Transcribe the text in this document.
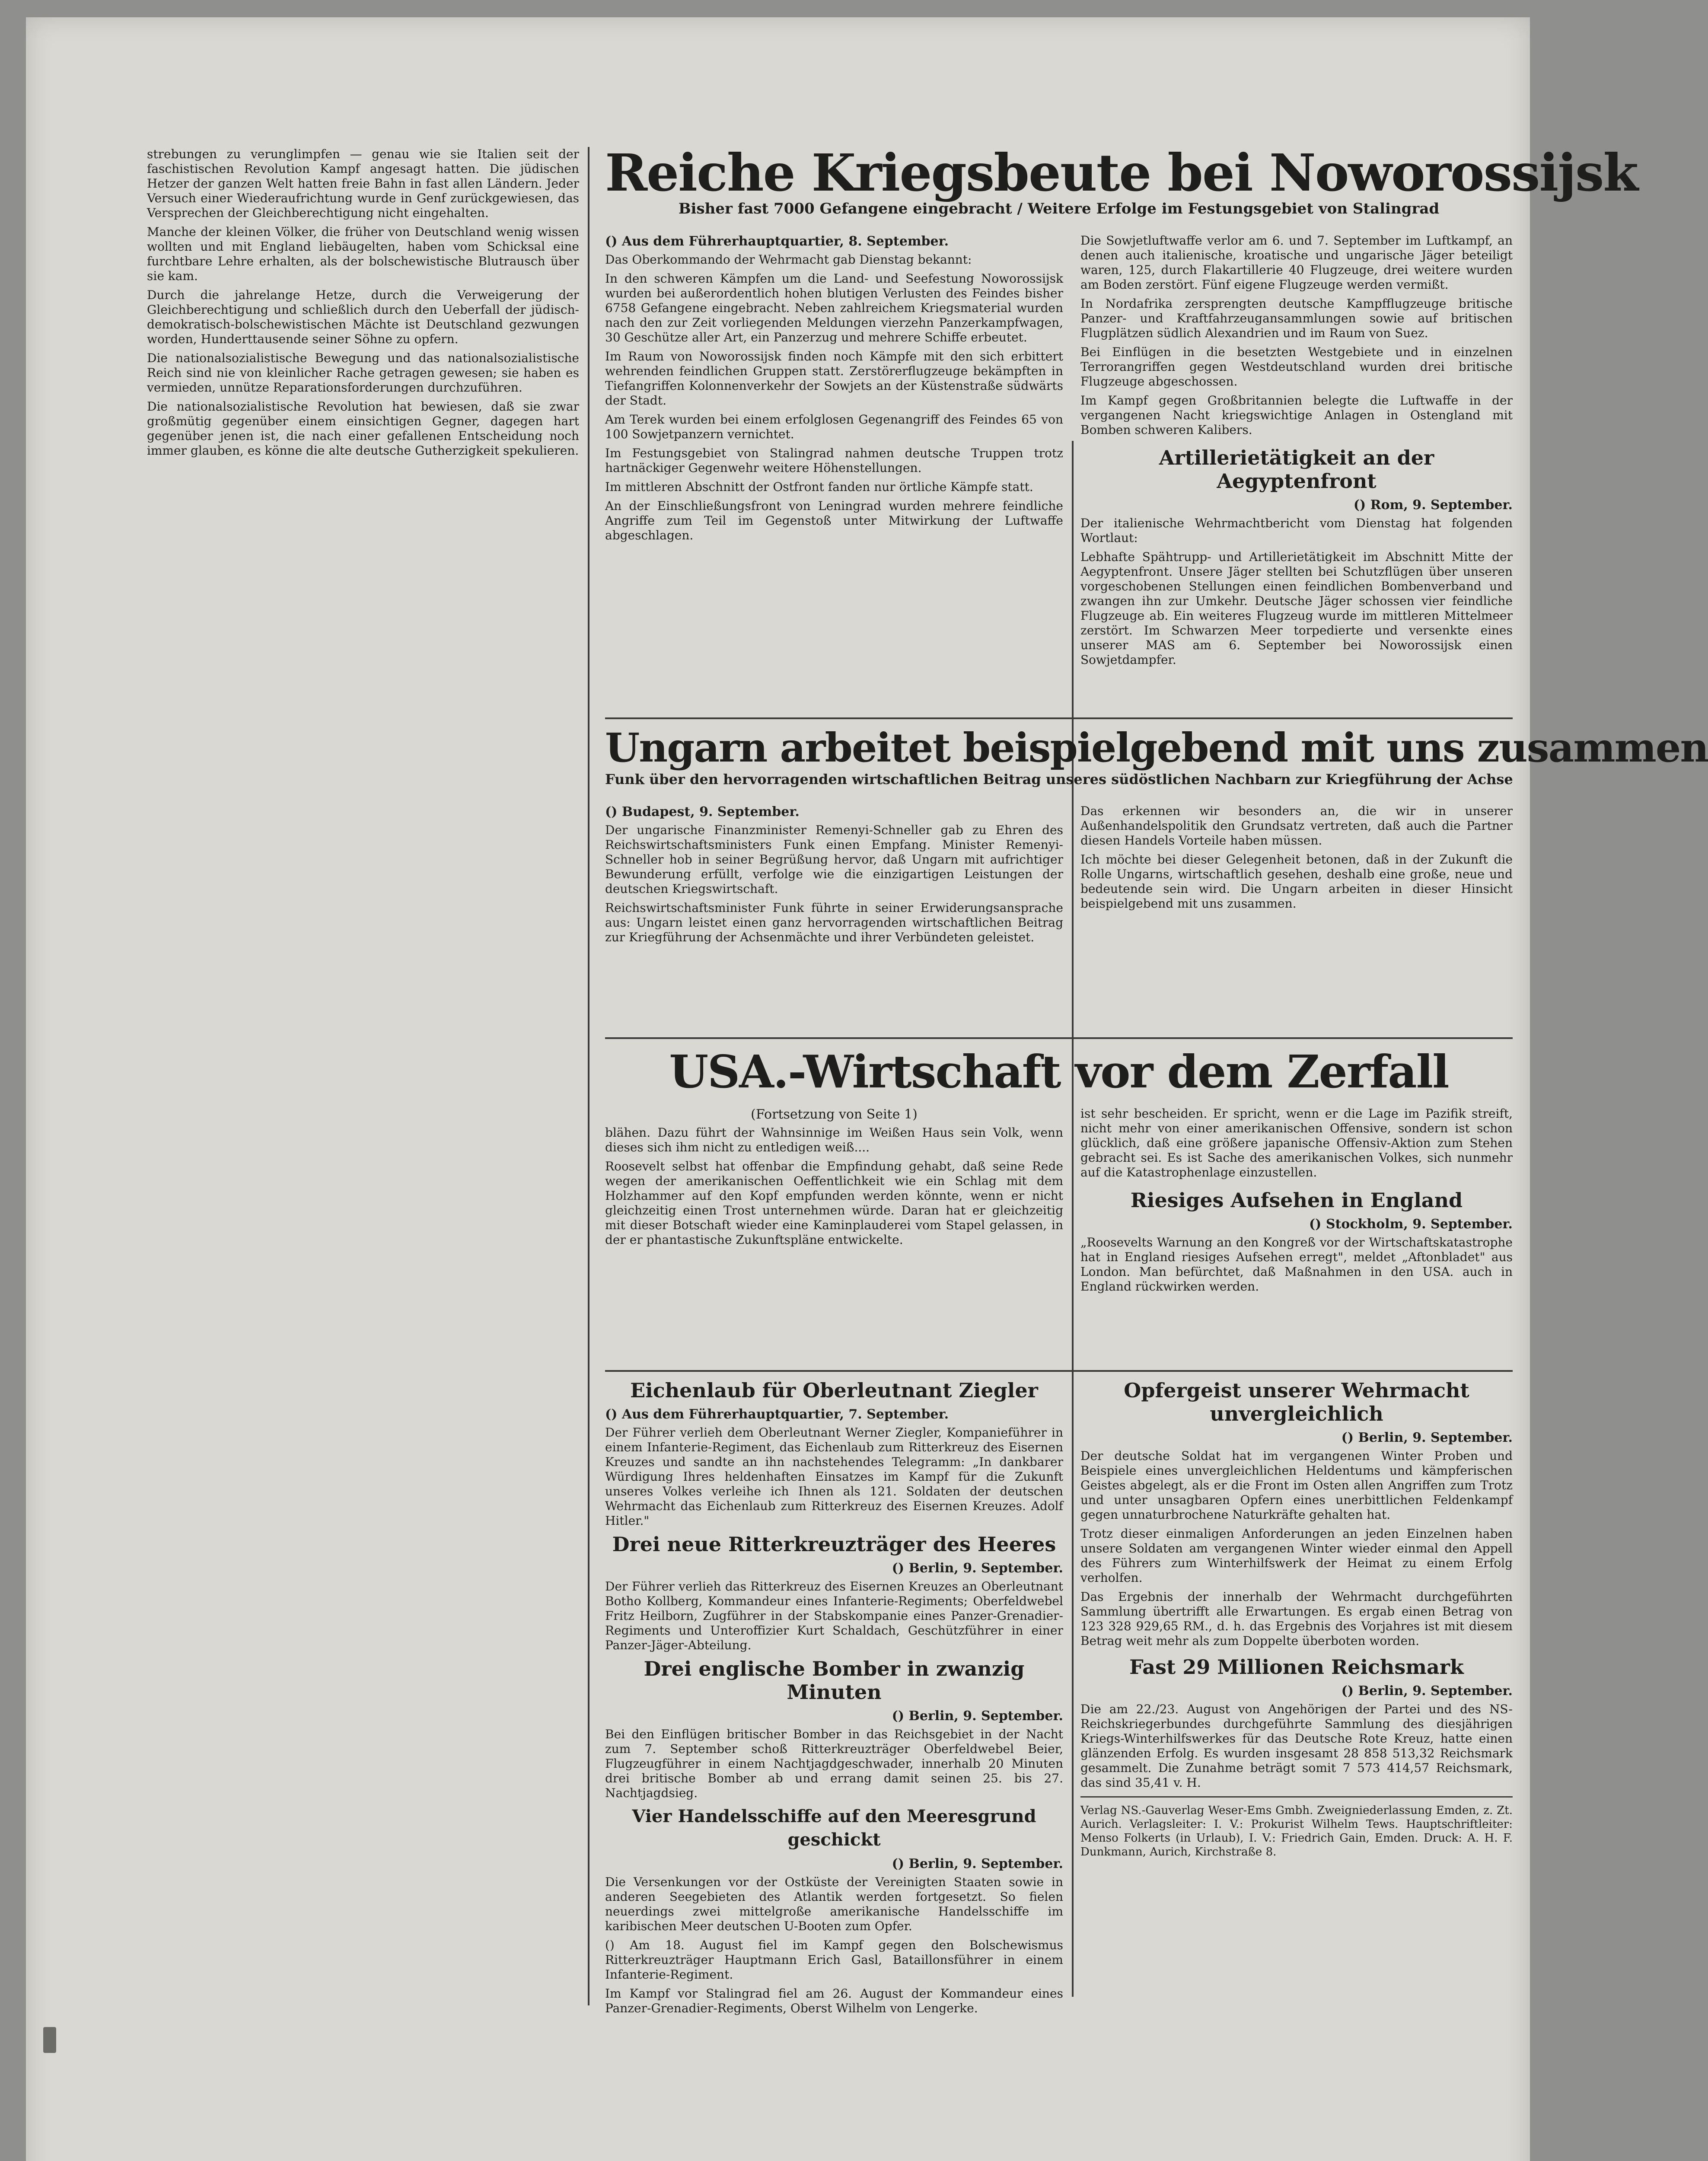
strebungen zu verunglimpfen — genau wie sie Italien seit der faschistischen Revolution Kampf angesagt hatten. Die jüdischen Hetzer der ganzen Welt hatten freie Bahn in fast allen Ländern. Jeder Versuch einer Wiederaufrichtung wurde in Genf zurückgewiesen, das Versprechen der Gleichberechtigung nicht eingehalten.

Manche der kleinen Völker, die früher von Deutschland wenig wissen wollten und mit England liebäugelten, haben vom Schicksal eine furchtbare Lehre erhalten, als der bolschewistische Blutrausch über sie kam.

Durch die jahrelange Hetze, durch die Verweigerung der Gleichberechtigung und schließlich durch den Ueberfall der jüdisch-demokratisch-bolschewistischen Mächte ist Deutschland gezwungen worden, Hunderttausende seiner Söhne zu opfern.

Die nationalsozialistische Bewegung und das nationalsozialistische Reich sind nie von kleinlicher Rache getragen gewesen; sie haben es vermieden, unnütze Reparationsforderungen durchzuführen.

Die nationalsozialistische Revolution hat bewiesen, daß sie zwar großmütig gegenüber einem einsichtigen Gegner, dagegen hart gegenüber jenen ist, die nach einer gefallenen Entscheidung noch immer glauben, es könne die alte deutsche Gutherzigkeit spekulieren.

Reiche Kriegsbeute bei Noworossijsk
Bisher fast 7000 Gefangene eingebracht / Weitere Erfolge im Festungsgebiet von Stalingrad
() Aus dem Führerhauptquartier, 8. September.

Das Oberkommando der Wehrmacht gab Dienstag bekannt:

In den schweren Kämpfen um die Land- und Seefestung Noworossijsk wurden bei außerordentlich hohen blutigen Verlusten des Feindes bisher 6758 Gefangene eingebracht. Neben zahlreichem Kriegsmaterial wurden nach den zur Zeit vorliegenden Meldungen vierzehn Panzerkampfwagen, 30 Geschütze aller Art, ein Panzerzug und mehrere Schiffe erbeutet.

Im Raum von Noworossijsk finden noch Kämpfe mit den sich erbittert wehrenden feindlichen Gruppen statt. Zerstörerflugzeuge bekämpften in Tiefangriffen Kolonnenverkehr der Sowjets an der Küstenstraße südwärts der Stadt.

Am Terek wurden bei einem erfolglosen Gegenangriff des Feindes 65 von 100 Sowjetpanzern vernichtet.

Im Festungsgebiet von Stalingrad nahmen deutsche Truppen trotz hartnäckiger Gegenwehr weitere Höhenstellungen.

Im mittleren Abschnitt der Ostfront fanden nur örtliche Kämpfe statt.

An der Einschließungsfront von Leningrad wurden mehrere feindliche Angriffe zum Teil im Gegenstoß unter Mitwirkung der Luftwaffe abgeschlagen.

Die Sowjetluftwaffe verlor am 6. und 7. September im Luftkampf, an denen auch italienische, kroatische und ungarische Jäger beteiligt waren, 125, durch Flakartillerie 40 Flugzeuge, drei weitere wurden am Boden zerstört. Fünf eigene Flugzeuge werden vermißt.

In Nordafrika zersprengten deutsche Kampfflugzeuge britische Panzer- und Kraftfahrzeugansammlungen sowie auf britischen Flugplätzen südlich Alexandrien und im Raum von Suez.

Bei Einflügen in die besetzten Westgebiete und in einzelnen Terrorangriffen gegen Westdeutschland wurden drei britische Flugzeuge abgeschossen.

Im Kampf gegen Großbritannien belegte die Luftwaffe in der vergangenen Nacht kriegswichtige Anlagen in Ostengland mit Bomben schweren Kalibers.

Artillerietätigkeit an der Aegyptenfront
() Rom, 9. September.

Der italienische Wehrmachtbericht vom Dienstag hat folgenden Wortlaut:

Lebhafte Spähtrupp- und Artillerietätigkeit im Abschnitt Mitte der Aegyptenfront. Unsere Jäger stellten bei Schutzflügen über unseren vorgeschobenen Stellungen einen feindlichen Bombenverband und zwangen ihn zur Umkehr. Deutsche Jäger schossen vier feindliche Flugzeuge ab. Ein weiteres Flugzeug wurde im mittleren Mittelmeer zerstört. Im Schwarzen Meer torpedierte und versenkte eines unserer MAS am 6. September bei Noworossijsk einen Sowjetdampfer.

Ungarn arbeitet beispielgebend mit uns zusammen
Funk über den hervorragenden wirtschaftlichen Beitrag unseres südöstlichen Nachbarn zur Kriegführung der Achse
() Budapest, 9. September.

Der ungarische Finanzminister Remenyi-Schneller gab zu Ehren des Reichswirtschaftsministers Funk einen Empfang. Minister Remenyi-Schneller hob in seiner Begrüßung hervor, daß Ungarn mit aufrichtiger Bewunderung erfüllt, verfolge wie die einzigartigen Leistungen der deutschen Kriegswirtschaft.

Reichswirtschaftsminister Funk führte in seiner Erwiderungsansprache aus: Ungarn leistet einen ganz hervorragenden wirtschaftlichen Beitrag zur Kriegführung der Achsenmächte und ihrer Verbündeten geleistet.

Das erkennen wir besonders an, die wir in unserer Außenhandelspolitik den Grundsatz vertreten, daß auch die Partner diesen Handels Vorteile haben müssen.

Ich möchte bei dieser Gelegenheit betonen, daß in der Zukunft die Rolle Ungarns, wirtschaftlich gesehen, deshalb eine große, neue und bedeutende sein wird. Die Ungarn arbeiten in dieser Hinsicht beispielgebend mit uns zusammen.

USA.-Wirtschaft vor dem Zerfall
(Fortsetzung von Seite 1)

blähen. Dazu führt der Wahnsinnige im Weißen Haus sein Volk, wenn dieses sich ihm nicht zu entledigen weiß....

Roosevelt selbst hat offenbar die Empfindung gehabt, daß seine Rede wegen der amerikanischen Oeffentlichkeit wie ein Schlag mit dem Holzhammer auf den Kopf empfunden werden könnte, wenn er nicht gleichzeitig einen Trost unternehmen würde. Daran hat er gleichzeitig mit dieser Botschaft wieder eine Kaminplauderei vom Stapel gelassen, in der er phantastische Zukunftspläne entwickelte.

ist sehr bescheiden. Er spricht, wenn er die Lage im Pazifik streift, nicht mehr von einer amerikanischen Offensive, sondern ist schon glücklich, daß eine größere japanische Offensiv-Aktion zum Stehen gebracht sei. Es ist Sache des amerikanischen Volkes, sich nunmehr auf die Katastrophenlage einzustellen.

Riesiges Aufsehen in England
() Stockholm, 9. September.

„Roosevelts Warnung an den Kongreß vor der Wirtschaftskatastrophe hat in England riesiges Aufsehen erregt", meldet „Aftonbladet" aus London. Man befürchtet, daß Maßnahmen in den USA. auch in England rückwirken werden.

Eichenlaub für Oberleutnant Ziegler
() Aus dem Führerhauptquartier, 7. September.

Der Führer verlieh dem Oberleutnant Werner Ziegler, Kompanieführer in einem Infanterie-Regiment, das Eichenlaub zum Ritterkreuz des Eisernen Kreuzes und sandte an ihn nachstehendes Telegramm: „In dankbarer Würdigung Ihres heldenhaften Einsatzes im Kampf für die Zukunft unseres Volkes verleihe ich Ihnen als 121. Soldaten der deutschen Wehrmacht das Eichenlaub zum Ritterkreuz des Eisernen Kreuzes. Adolf Hitler."

Drei neue Ritterkreuzträger des Heeres
() Berlin, 9. September.

Der Führer verlieh das Ritterkreuz des Eisernen Kreuzes an Oberleutnant Botho Kollberg, Kommandeur eines Infanterie-Regiments; Oberfeldwebel Fritz Heilborn, Zugführer in der Stabskompanie eines Panzer-Grenadier-Regiments und Unteroffizier Kurt Schaldach, Geschützführer in einer Panzer-Jäger-Abteilung.

Drei englische Bomber in zwanzig Minuten
() Berlin, 9. September.

Bei den Einflügen britischer Bomber in das Reichsgebiet in der Nacht zum 7. September schoß Ritterkreuzträger Oberfeldwebel Beier, Flugzeugführer in einem Nachtjagdgeschwader, innerhalb 20 Minuten drei britische Bomber ab und errang damit seinen 25. bis 27. Nachtjagdsieg.

Vier Handelsschiffe auf den Meeresgrund geschickt
() Berlin, 9. September.

Die Versenkungen vor der Ostküste der Vereinigten Staaten sowie in anderen Seegebieten des Atlantik werden fortgesetzt. So fielen neuerdings zwei mittelgroße amerikanische Handelsschiffe im karibischen Meer deutschen U-Booten zum Opfer.

() Am 18. August fiel im Kampf gegen den Bolschewismus Ritterkreuzträger Hauptmann Erich Gasl, Bataillonsführer in einem Infanterie-Regiment.

Im Kampf vor Stalingrad fiel am 26. August der Kommandeur eines Panzer-Grenadier-Regiments, Oberst Wilhelm von Lengerke.

Opfergeist unserer Wehrmacht unvergleichlich
() Berlin, 9. September.

Der deutsche Soldat hat im vergangenen Winter Proben und Beispiele eines unvergleichlichen Heldentums und kämpferischen Geistes abgelegt, als er die Front im Osten allen Angriffen zum Trotz und unter unsagbaren Opfern eines unerbittlichen Feldenkampf gegen unnaturbrochene Naturkräfte gehalten hat.

Trotz dieser einmaligen Anforderungen an jeden Einzelnen haben unsere Soldaten am vergangenen Winter wieder einmal den Appell des Führers zum Winterhilfswerk der Heimat zu einem Erfolg verholfen.

Das Ergebnis der innerhalb der Wehrmacht durchgeführten Sammlung übertrifft alle Erwartungen. Es ergab einen Betrag von 123 328 929,65 RM., d. h. das Ergebnis des Vorjahres ist mit diesem Betrag weit mehr als zum Doppelte überboten worden.

Fast 29 Millionen Reichsmark
() Berlin, 9. September.

Die am 22./23. August von Angehörigen der Partei und des NS-Reichskriegerbundes durchgeführte Sammlung des diesjährigen Kriegs-Winterhilfswerkes für das Deutsche Rote Kreuz, hatte einen glänzenden Erfolg. Es wurden insgesamt 28 858 513,32 Reichsmark gesammelt. Die Zunahme beträgt somit 7 573 414,57 Reichsmark, das sind 35,41 v. H.

Verlag NS.-Gauverlag Weser-Ems Gmbh. Zweigniederlassung Emden, z. Zt. Aurich. Verlagsleiter: I. V.: Prokurist Wilhelm Tews. Hauptschriftleiter: Menso Folkerts (in Urlaub), I. V.: Friedrich Gain, Emden. Druck: A. H. F. Dunkmann, Aurich, Kirchstraße 8.
